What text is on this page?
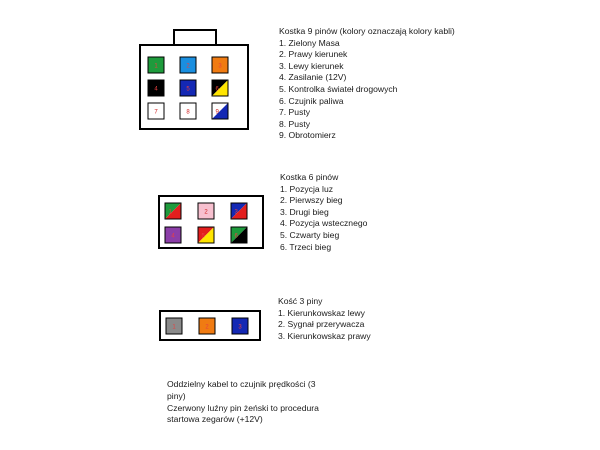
1	2	3
4	5	6
7	8	9
1	2	3
4	5	6
1	2	3
Kostka 9 pinów (kolory oznaczają kolory kabli)
1. Zielony Masa
2. Prawy kierunek
3. Lewy kierunek
4. Zasilanie (12V)
5. Kontrolka świateł drogowych
6. Czujnik paliwa
7. Pusty
8. Pusty
9. Obrotomierz
Kostka 6 pinów
1. Pozycja luz
2. Pierwszy bieg
3. Drugi bieg
4. Pozycja wstecznego
5. Czwarty bieg
6. Trzeci bieg
Kość 3 piny
1. Kierunkowskaz lewy
2. Sygnał przerywacza
3. Kierunkowskaz prawy
Oddzielny kabel to czujnik prędkości (3
piny)
Czerwony luźny pin żeński to procedura
startowa zegarów (+12V)
